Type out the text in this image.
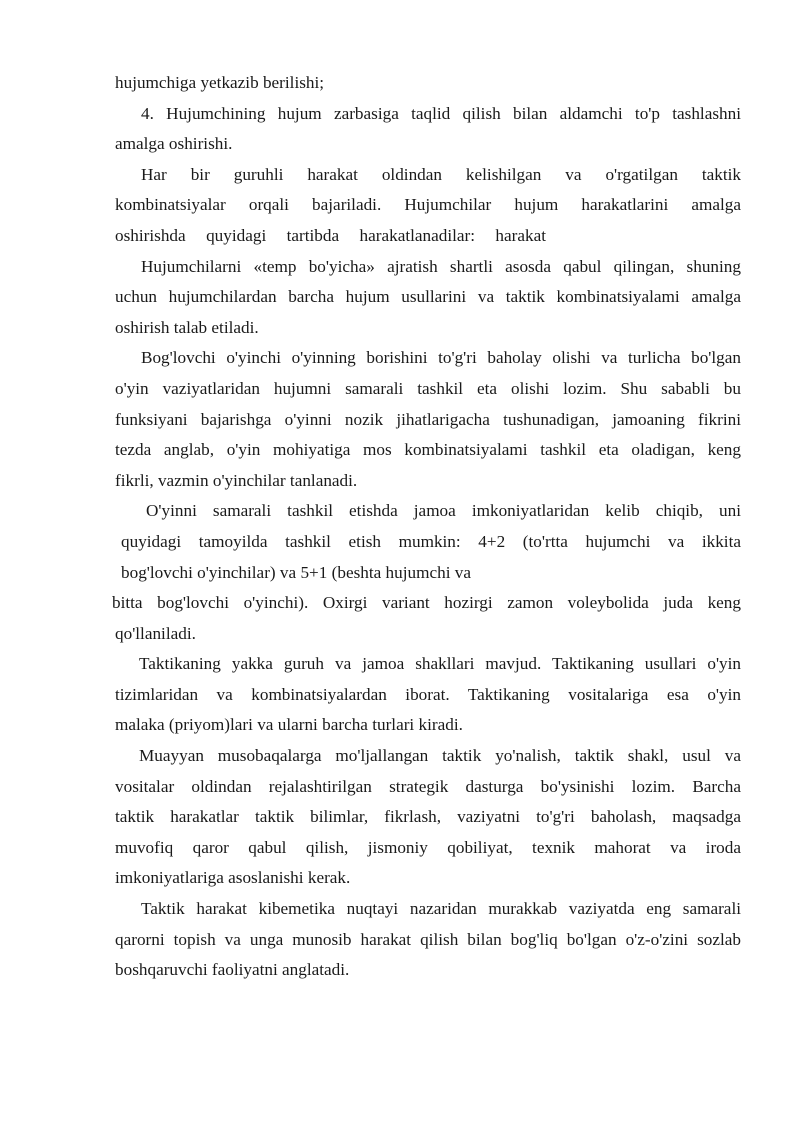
hujumchiga yetkazib berilishi;
4. Hujumchining hujum zarbasiga taqlid qilish bilan aldamchi to'p tashlashni
amalga oshirishi.
Har bir guruhli harakat oldindan kelishilgan va o'rgatilgan taktik
kombinatsiyalar orqali bajariladi. Hujumchilar hujum harakatlarini amalga
oshirishda quyidagi tartibda harakatlanadilar: harakat
Hujumchilarni «temp bo'yicha» ajratish shartli asosda qabul qilingan, shuning
uchun hujumchilardan barcha hujum usullarini va taktik kombinatsiyalami amalga
oshirish talab etiladi.
Bog'lovchi o'yinchi o'yinning borishini to'g'ri baholay olishi va turlicha bo'lgan
o'yin vaziyatlaridan hujumni samarali tashkil eta olishi lozim. Shu sababli bu
funksiyani bajarishga o'yinni nozik jihatlarigacha tushunadigan, jamoaning fikrini
tezda anglab, o'yin mohiyatiga mos kombinatsiyalami tashkil eta oladigan, keng
fikrli, vazmin o'yinchilar tanlanadi.
O'yinni samarali tashkil etishda jamoa imkoniyatlaridan kelib chiqib, uni
quyidagi tamoyilda tashkil etish mumkin: 4+2 (to'rtta hujumchi va ikkita
bog'lovchi o'yinchilar) va 5+1 (beshta hujumchi va
bitta bog'lovchi o'yinchi). Oxirgi variant hozirgi zamon voleybolida juda keng
qo'llaniladi.
Taktikaning yakka guruh va jamoa shakllari mavjud. Taktikaning usullari o'yin
tizimlaridan va kombinatsiyalardan iborat. Taktikaning vositalariga esa o'yin
malaka (priyom)lari va ularni barcha turlari kiradi.
Muayyan musobaqalarga mo'ljallangan taktik yo'nalish, taktik shakl, usul va
vositalar oldindan rejalashtirilgan strategik dasturga bo'ysinishi lozim. Barcha
taktik harakatlar taktik bilimlar, fikrlash, vaziyatni to'g'ri baholash, maqsadga
muvofiq qaror qabul qilish, jismoniy qobiliyat, texnik mahorat va iroda
imkoniyatlariga asoslanishi kerak.
Taktik harakat kibemetika nuqtayi nazaridan murakkab vaziyatda eng samarali
qarorni topish va unga munosib harakat qilish bilan bog'liq bo'lgan o'z-o'zini sozlab
boshqaruvchi faoliyatni anglatadi.
